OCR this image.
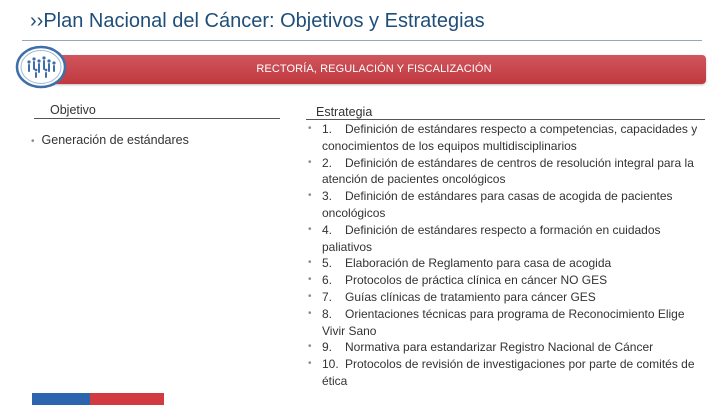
››Plan Nacional del Cáncer: Objetivos y Estrategias
RECTORÍA, REGULACIÓN Y FISCALIZACIÓN
Objetivo	Estrategia
• Generación de estándares
• 1. Definición de estándares respecto a competencias, capacidades y conocimientos de los equipos multidisciplinarios
• 2. Definición de estándares de centros de resolución integral para la atención de pacientes oncológicos
• 3. Definición de estándares para casas de acogida de pacientes oncológicos
• 4. Definición de estándares respecto a formación en cuidados paliativos
• 5. Elaboración de Reglamento para casa de acogida
• 6. Protocolos de práctica clínica en cáncer NO GES
• 7. Guías clínicas de tratamiento para cáncer GES
• 8. Orientaciones técnicas para programa de Reconocimiento Elige Vivir Sano
• 9. Normativa para estandarizar Registro Nacional de Cáncer
• 10. Protocolos de revisión de investigaciones por parte de comités de ética
